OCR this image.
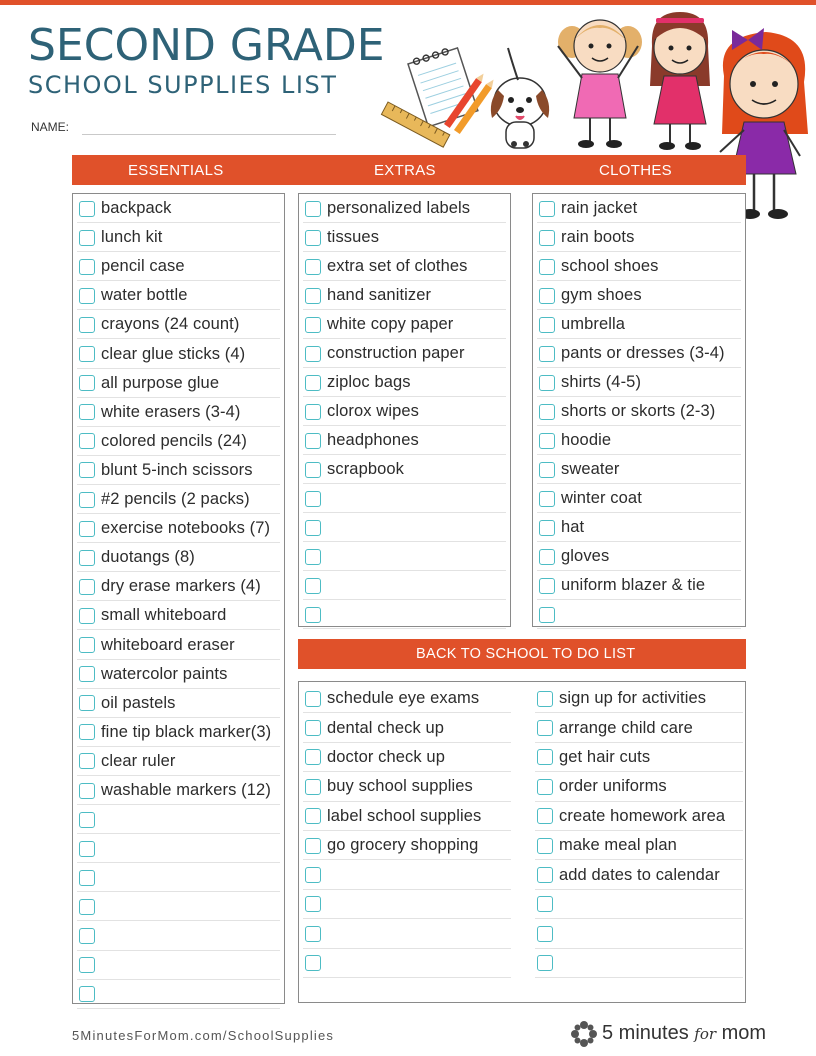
SECOND GRADE
SCHOOL SUPPLIES LIST
NAME:
ESSENTIALS	EXTRAS	CLOTHES
backpack
lunch kit
pencil case
water bottle
crayons (24 count)
clear glue sticks (4)
all purpose glue
white erasers (3-4)
colored pencils (24)
blunt 5-inch scissors
#2 pencils (2 packs)
exercise notebooks (7)
duotangs (8)
dry erase markers (4)
small whiteboard
whiteboard eraser
watercolor paints
oil pastels
fine tip black marker(3)
clear ruler
washable markers (12)
personalized labels
tissues
extra set of clothes
hand sanitizer
white copy paper
construction paper
ziploc bags
clorox wipes
headphones
scrapbook
rain jacket
rain boots
school shoes
gym shoes
umbrella
pants or dresses (3-4)
shirts (4-5)
shorts or skorts (2-3)
hoodie
sweater
winter coat
hat
gloves
uniform blazer & tie
BACK TO SCHOOL TO DO LIST
schedule eye exams
dental check up
doctor check up
buy school supplies
label school supplies
go grocery shopping
sign up for activities
arrange child care
get hair cuts
order uniforms
create homework area
make meal plan
add dates to calendar
5MinutesForMom.com/SchoolSupplies	5 minutes for mom
